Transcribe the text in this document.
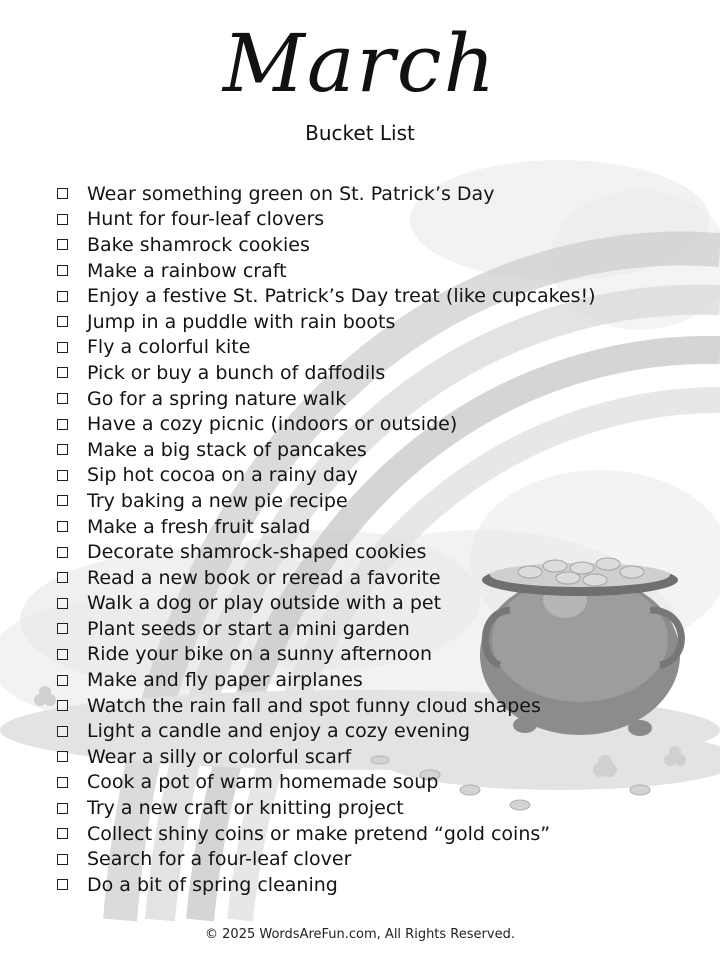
March
Bucket List
Wear something green on St. Patrick’s Day
Hunt for four-leaf clovers
Bake shamrock cookies
Make a rainbow craft
Enjoy a festive St. Patrick’s Day treat (like cupcakes!)
Jump in a puddle with rain boots
Fly a colorful kite
Pick or buy a bunch of daffodils
Go for a spring nature walk
Have a cozy picnic (indoors or outside)
Make a big stack of pancakes
Sip hot cocoa on a rainy day
Try baking a new pie recipe
Make a fresh fruit salad
Decorate shamrock-shaped cookies
Read a new book or reread a favorite
Walk a dog or play outside with a pet
Plant seeds or start a mini garden
Ride your bike on a sunny afternoon
Make and fly paper airplanes
Watch the rain fall and spot funny cloud shapes
Light a candle and enjoy a cozy evening
Wear a silly or colorful scarf
Cook a pot of warm homemade soup
Try a new craft or knitting project
Collect shiny coins or make pretend “gold coins”
Search for a four-leaf clover
Do a bit of spring cleaning
© 2025 WordsAreFun.com, All Rights Reserved.
